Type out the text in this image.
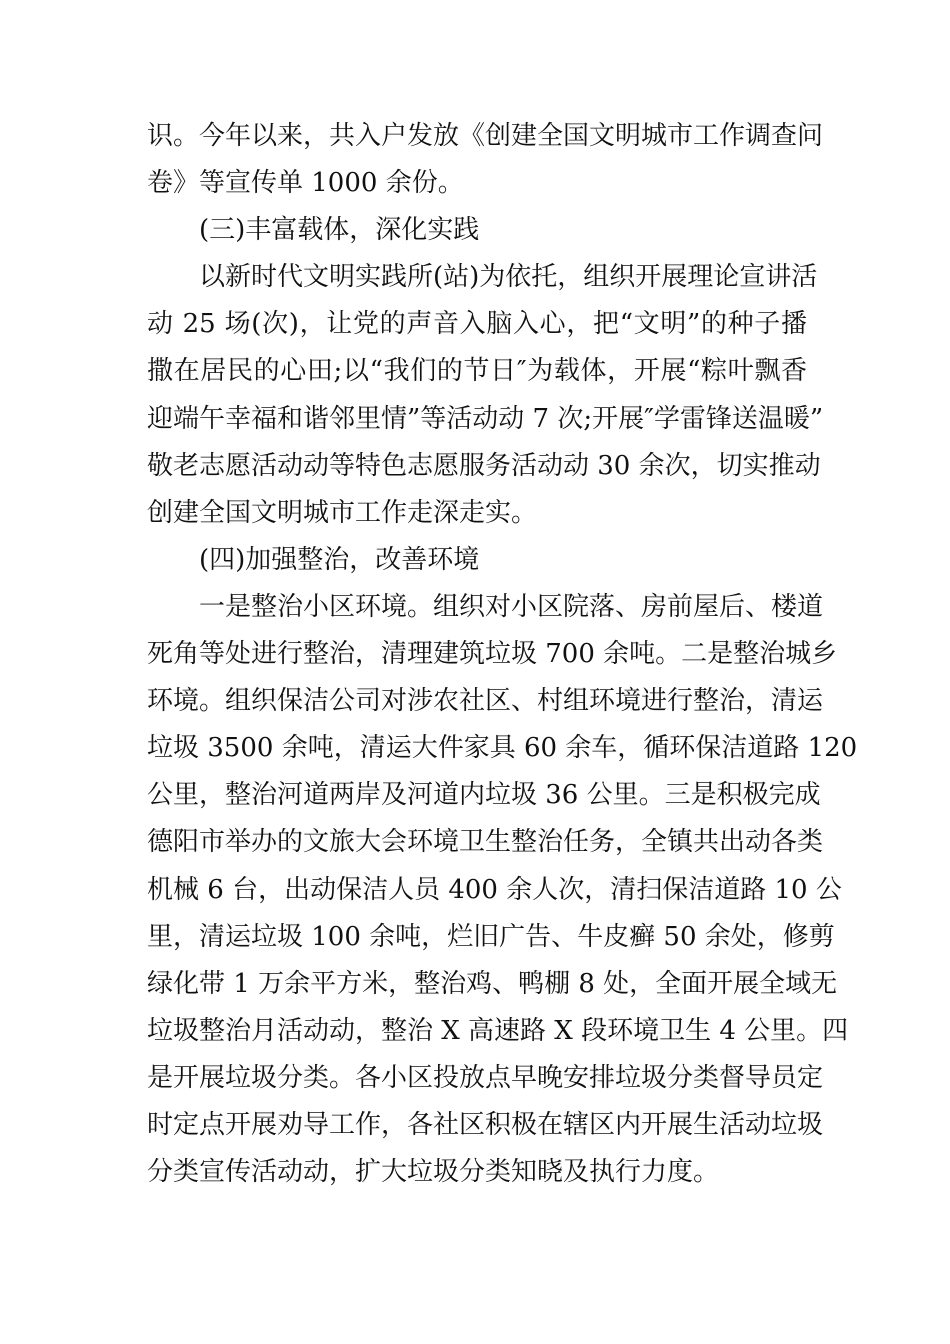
识。今年以来，共入户发放《创建全国文明城市工作调查问
卷》等宣传单 1000 余份。
(三)丰富载体，深化实践
以新时代文明实践所(站)为依托，组织开展理论宣讲活
动 25 场(次)，让党的声音入脑入心，把“文明”的种子播
撒在居民的心田;以“我们的节日″为载体，开展“粽叶飘香
迎端午幸福和谐邻里情”等活动动 7 次;开展″学雷锋送温暖”
敬老志愿活动动等特色志愿服务活动动 30 余次，切实推动
创建全国文明城市工作走深走实。
(四)加强整治，改善环境
一是整治小区环境。组织对小区院落、房前屋后、楼道
死角等处进行整治，清理建筑垃圾 700 余吨。二是整治城乡
环境。组织保洁公司对涉农社区、村组环境进行整治，清运
垃圾 3500 余吨，清运大件家具 60 余车，循环保洁道路 120
公里，整治河道两岸及河道内垃圾 36 公里。三是积极完成
德阳市举办的文旅大会环境卫生整治任务，全镇共出动各类
机械 6 台，出动保洁人员 400 余人次，清扫保洁道路 10 公
里，清运垃圾 100 余吨，烂旧广告、牛皮癣 50 余处，修剪
绿化带 1 万余平方米，整治鸡、鸭棚 8 处，全面开展全域无
垃圾整治月活动动，整治 X 高速路 X 段环境卫生 4 公里。四
是开展垃圾分类。各小区投放点早晚安排垃圾分类督导员定
时定点开展劝导工作，各社区积极在辖区内开展生活动垃圾
分类宣传活动动，扩大垃圾分类知晓及执行力度。
